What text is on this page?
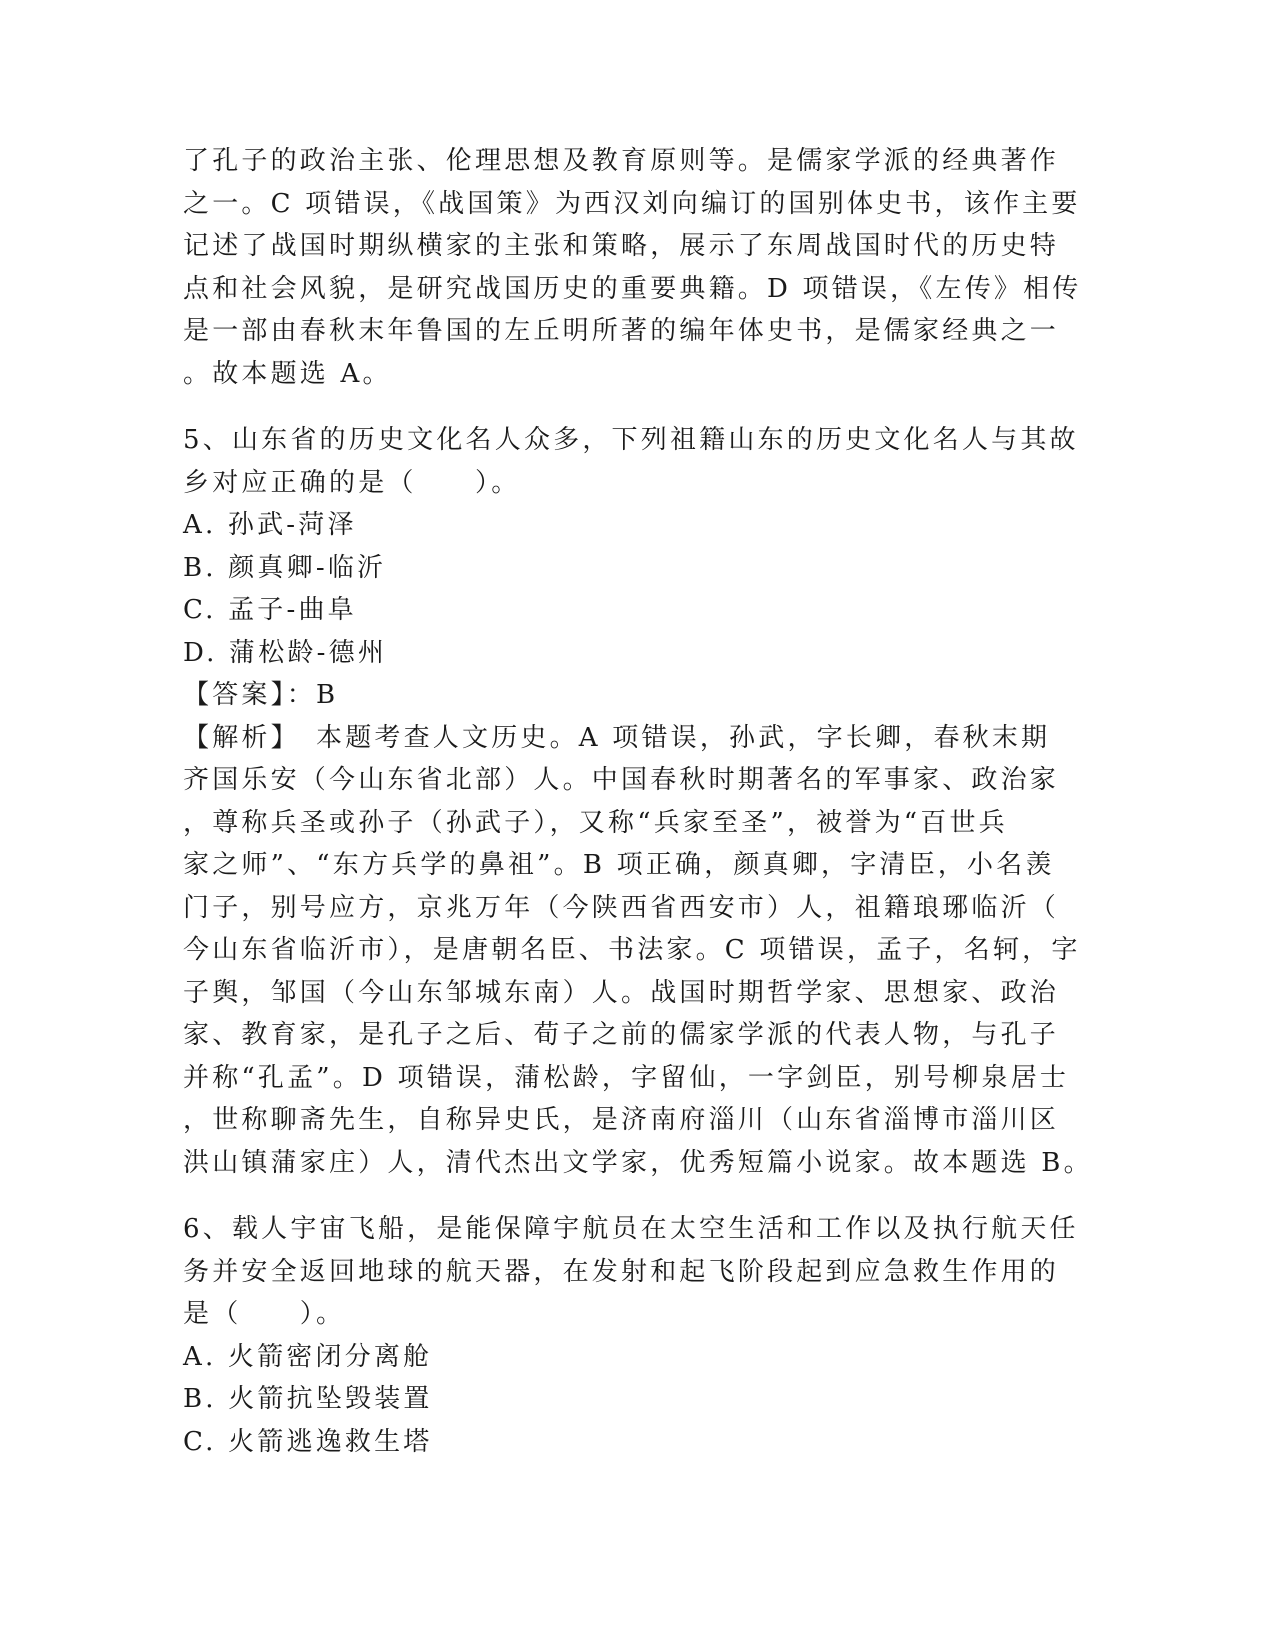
了孔子的政治主张、伦理思想及教育原则等。是儒家学派的经典著作
之一。C 项错误，《战国策》为西汉刘向编订的国别体史书，该作主要
记述了战国时期纵横家的主张和策略，展示了东周战国时代的历史特
点和社会风貌，是研究战国历史的重要典籍。D 项错误，《左传》相传
是一部由春秋末年鲁国的左丘明所著的编年体史书，是儒家经典之一
。故本题选 A。
5、山东省的历史文化名人众多，下列祖籍山东的历史文化名人与其故
乡对应正确的是（　　）。
A. 孙武-菏泽
B. 颜真卿-临沂
C. 孟子-曲阜
D. 蒲松龄-德州
【答案】：B
【解析】　本题考查人文历史。A 项错误，孙武，字长卿，春秋末期
齐国乐安（今山东省北部）人。中国春秋时期著名的军事家、政治家
，尊称兵圣或孙子（孙武子），又称“兵家至圣”，被誉为“百世兵
家之师”、“东方兵学的鼻祖”。B 项正确，颜真卿，字清臣，小名羡
门子，别号应方，京兆万年（今陕西省西安市）人，祖籍琅琊临沂（
今山东省临沂市），是唐朝名臣、书法家。C 项错误，孟子，名轲，字
子舆，邹国（今山东邹城东南）人。战国时期哲学家、思想家、政治
家、教育家，是孔子之后、荀子之前的儒家学派的代表人物，与孔子
并称“孔孟”。D 项错误，蒲松龄，字留仙，一字剑臣，别号柳泉居士
，世称聊斋先生，自称异史氏，是济南府淄川（山东省淄博市淄川区
洪山镇蒲家庄）人，清代杰出文学家，优秀短篇小说家。故本题选 B。
6、载人宇宙飞船，是能保障宇航员在太空生活和工作以及执行航天任
务并安全返回地球的航天器，在发射和起飞阶段起到应急救生作用的
是（　　）。
A. 火箭密闭分离舱
B. 火箭抗坠毁装置
C. 火箭逃逸救生塔
